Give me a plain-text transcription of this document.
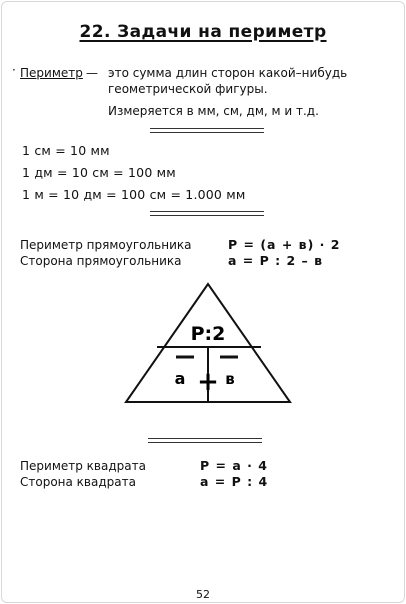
22. Задачи на периметр
· Периметр — это сумма длин сторон какой–нибудь
геометрической фигуры.
Измеряется в мм, см, дм, м и т.д.
1 см = 10 мм
1 дм = 10 см = 100 мм
1 м = 10 дм = 100 см = 1.000 мм
Периметр прямоугольника	Р = (а + в) · 2
Сторона прямоугольника	а = Р : 2 – в
Р:2
а	в
+
Периметр квадрата	Р = а · 4
Сторона квадрата	а = Р : 4
52
